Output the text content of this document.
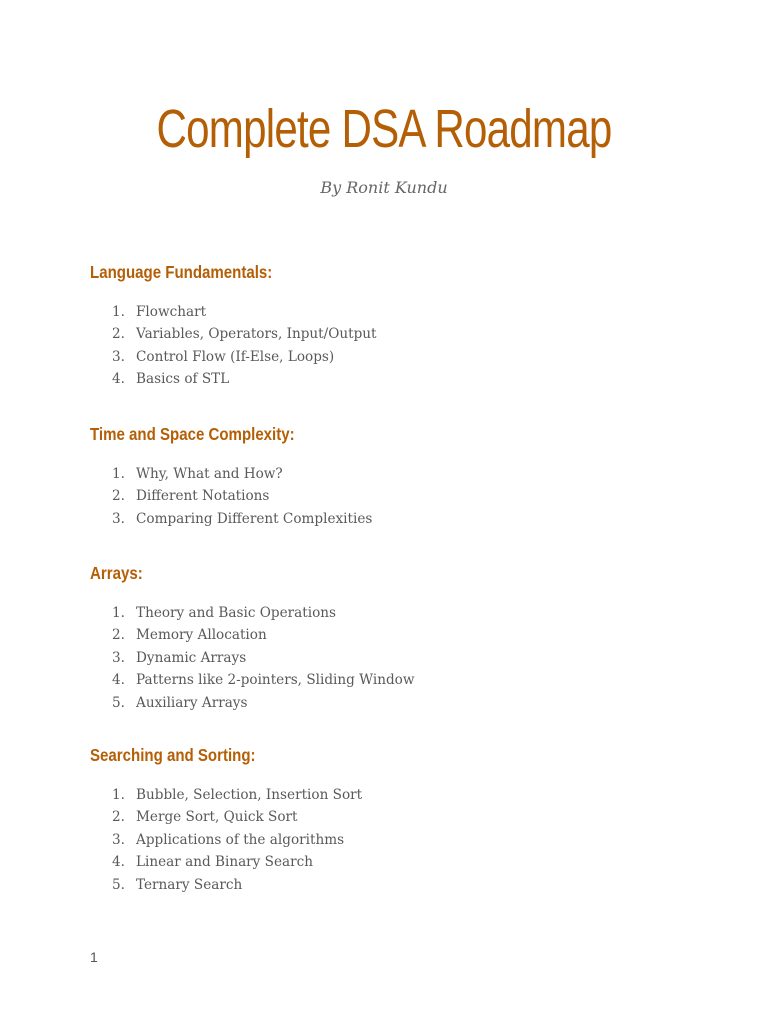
Complete DSA Roadmap

By Ronit Kundu

Language Fundamentals:
1. Flowchart
2. Variables, Operators, Input/Output
3. Control Flow (If-Else, Loops)
4. Basics of STL
Time and Space Complexity:
1. Why, What and How?
2. Different Notations
3. Comparing Different Complexities
Arrays:
1. Theory and Basic Operations
2. Memory Allocation
3. Dynamic Arrays
4. Patterns like 2-pointers, Sliding Window
5. Auxiliary Arrays
Searching and Sorting:
1. Bubble, Selection, Insertion Sort
2. Merge Sort, Quick Sort
3. Applications of the algorithms
4. Linear and Binary Search
5. Ternary Search
1
